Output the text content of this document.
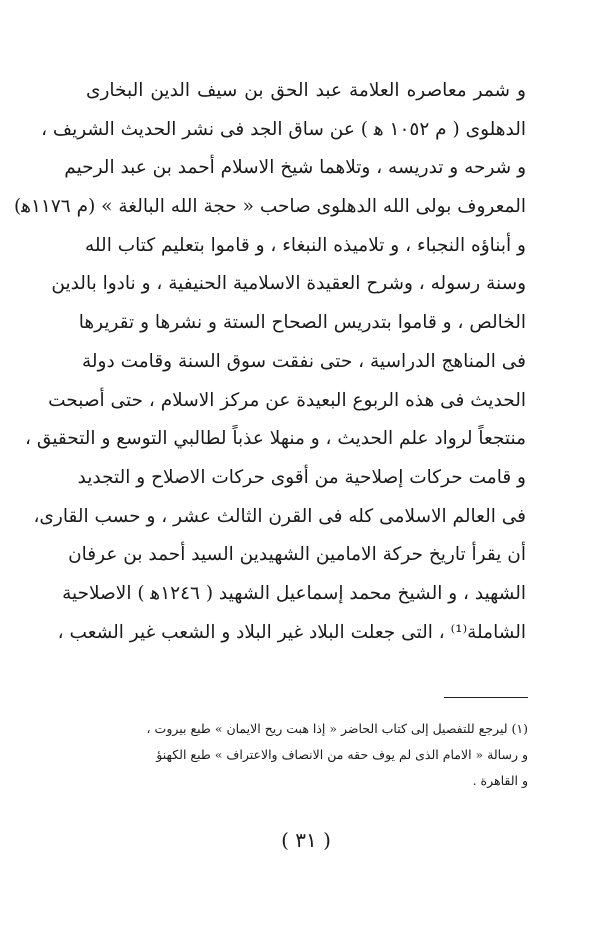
و شمر معاصره العلامة عبد الحق بن سيف الدين البخارى
الدهلوى ( م ١٠٥٢ ﻫ ) عن ساق الجد فى نشر الحديث الشريف ،
و شرحه و تدريسه ، وتلاهما شيخ الاسلام أحمد بن عبد الرحيم
المعروف بولى الله الدهلوى صاحب « حجة الله البالغة » (م ١١٧٦ﻫ)
و أبناؤه النجباء ، و تلاميذه النبغاء ، و قاموا بتعليم كتاب الله
وسنة رسوله ، وشرح العقيدة الاسلامية الحنيفية ، و نادوا بالدين
الخالص ، و قاموا بتدريس الصحاح الستة و نشرها و تقريرها
فى المناهج الدراسية ، حتى نفقت سوق السنة وقامت دولة
الحديث فى هذه الربوع البعيدة عن مركز الاسلام ، حتى أصبحت
منتجعاً لرواد علم الحديث ، و منهلا عذباً لطالبي التوسع و التحقيق ،
و قامت حركات إصلاحية من أقوى حركات الاصلاح و التجديد
فى العالم الاسلامى كله فى القرن الثالث عشر ، و حسب القارى،
أن يقرأ تاريخ حركة الامامين الشهيدين السيد أحمد بن عرفان
الشهيد ، و الشيخ محمد إسماعيل الشهيد ( ١٢٤٦ﻫ ) الاصلاحية
الشاملة⁽¹⁾ ، التى جعلت البلاد غير البلاد و الشعب غير الشعب ،
(١) ليرجع للتفصيل إلى كتاب الحاضر « إذا هبت ريح الايمان » طبع بيروت ،
و رسالة « الامام الذى لم يوف حقه من الانصاف والاعتراف » طبع الكهنؤ
و القاهرة .
( ٣١ )
